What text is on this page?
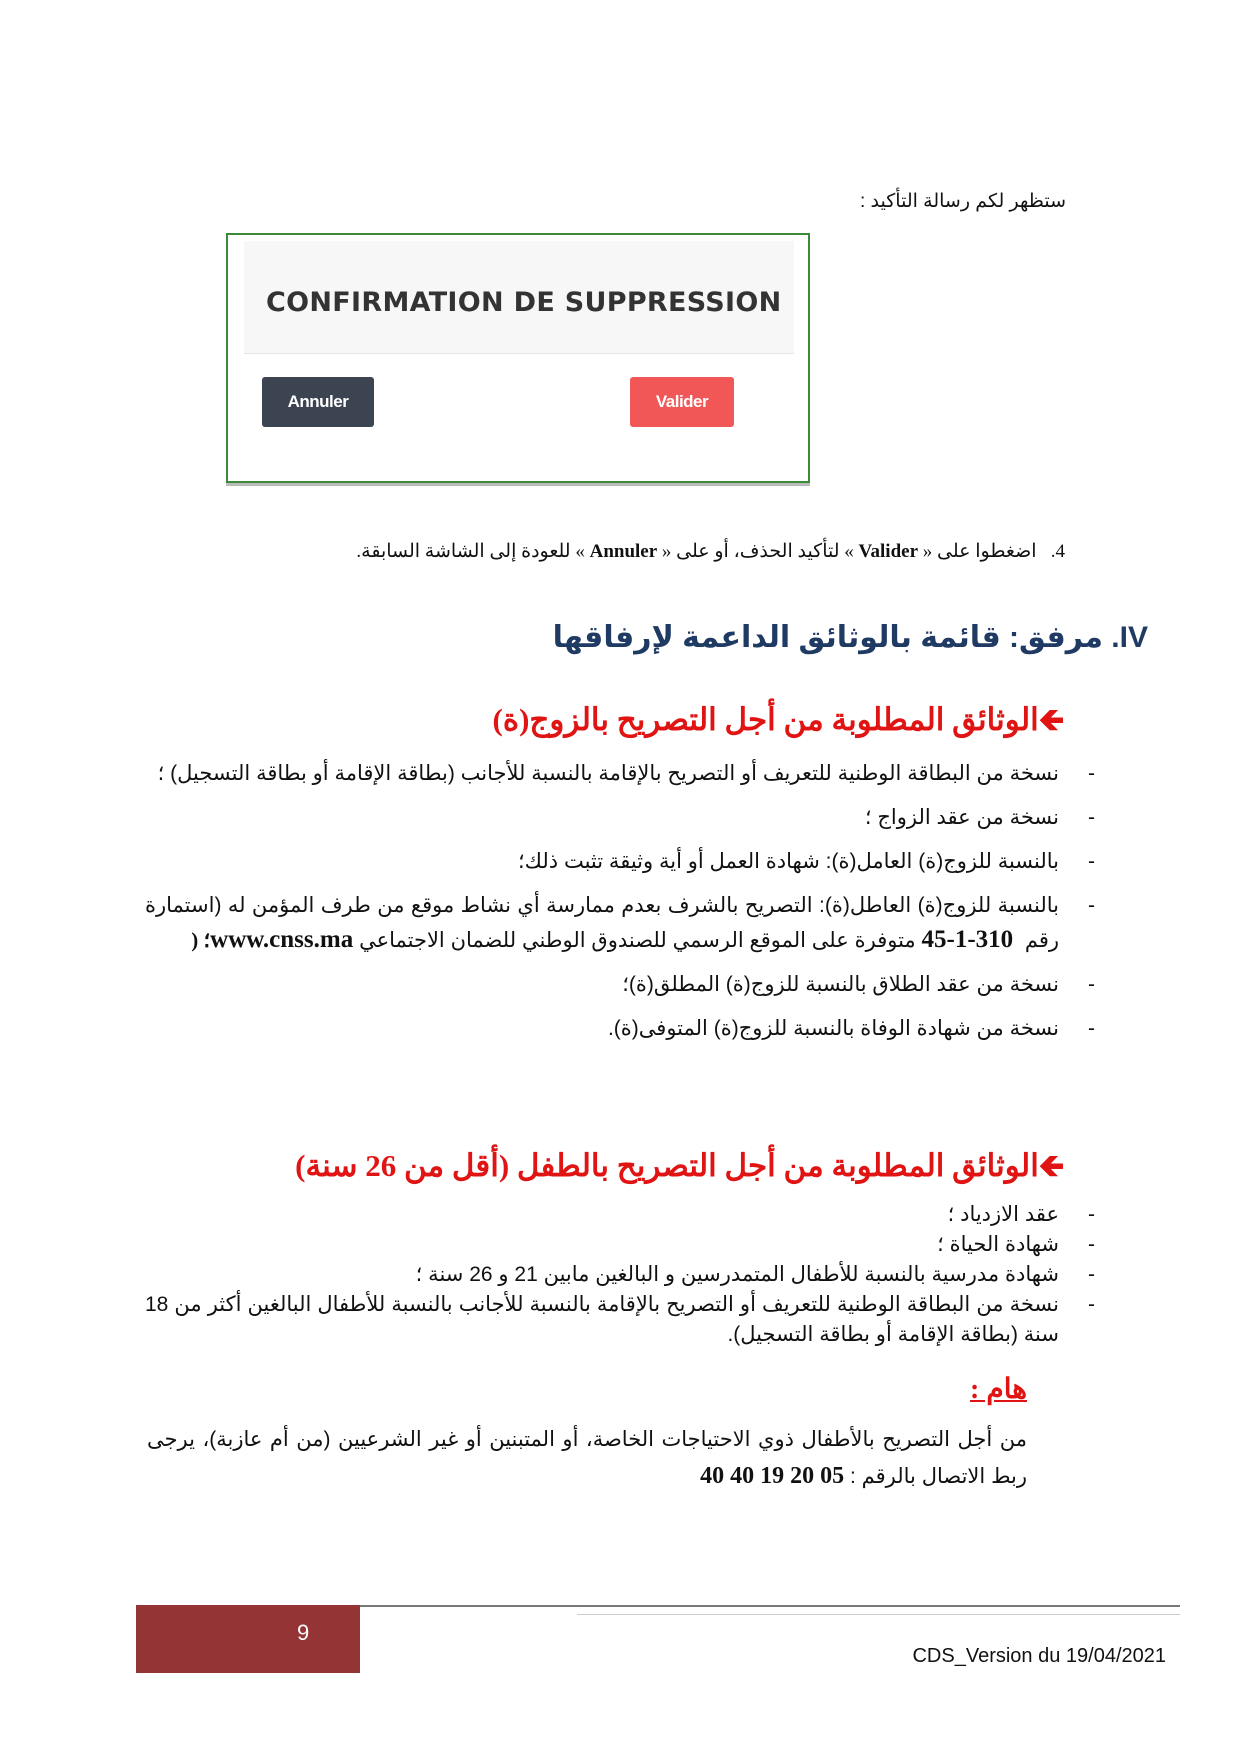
ستظهر لكم رسالة التأكيد :
CONFIRMATION DE SUPPRESSION
Annuler	Valider
4.   اضغطوا على « Valider » لتأكيد الحذف، أو على « Annuler » للعودة إلى الشاشة السابقة.
IV. مرفق: قائمة بالوثائق الداعمة لإرفاقها
🡸الوثائق المطلوبة من أجل التصريح بالزوج(ة)
-
نسخة من البطاقة الوطنية للتعريف أو التصريح بالإقامة بالنسبة للأجانب (بطاقة الإقامة أو بطاقة التسجيل) ؛
-
نسخة من عقد الزواج ؛
-
بالنسبة للزوج(ة) العامل(ة): شهادة العمل أو أية وثيقة تثبت ذلك؛
-
بالنسبة للزوج(ة) العاطل(ة): التصريح بالشرف بعدم ممارسة أي نشاط موقع من طرف المؤمن له (استمارة رقم  310-1-45 متوفرة على الموقع الرسمي للصندوق الوطني للضمان الاجتماعي www.cnss.ma؛ (
-
نسخة من عقد الطلاق بالنسبة للزوج(ة) المطلق(ة)؛
-
نسخة من شهادة الوفاة بالنسبة للزوج(ة) المتوفى(ة).
🡸الوثائق المطلوبة من أجل التصريح بالطفل (أقل من 26 سنة)
-
عقد الازدياد ؛
-
شهادة الحياة ؛
-
شهادة مدرسية بالنسبة للأطفال المتمدرسين و البالغين مابين 21 و 26 سنة ؛
-
نسخة من البطاقة الوطنية للتعريف أو التصريح بالإقامة بالنسبة للأجانب بالنسبة للأطفال البالغين أكثر من 18 سنة (بطاقة الإقامة أو بطاقة التسجيل).
هام :
من أجل التصريح بالأطفال ذوي الاحتياجات الخاصة، أو المتبنين أو غير الشرعيين (من أم عازبة)، يرجى ربط الاتصال بالرقم : 05 20 19 40 40
9
CDS_Version du 19/04/2021
